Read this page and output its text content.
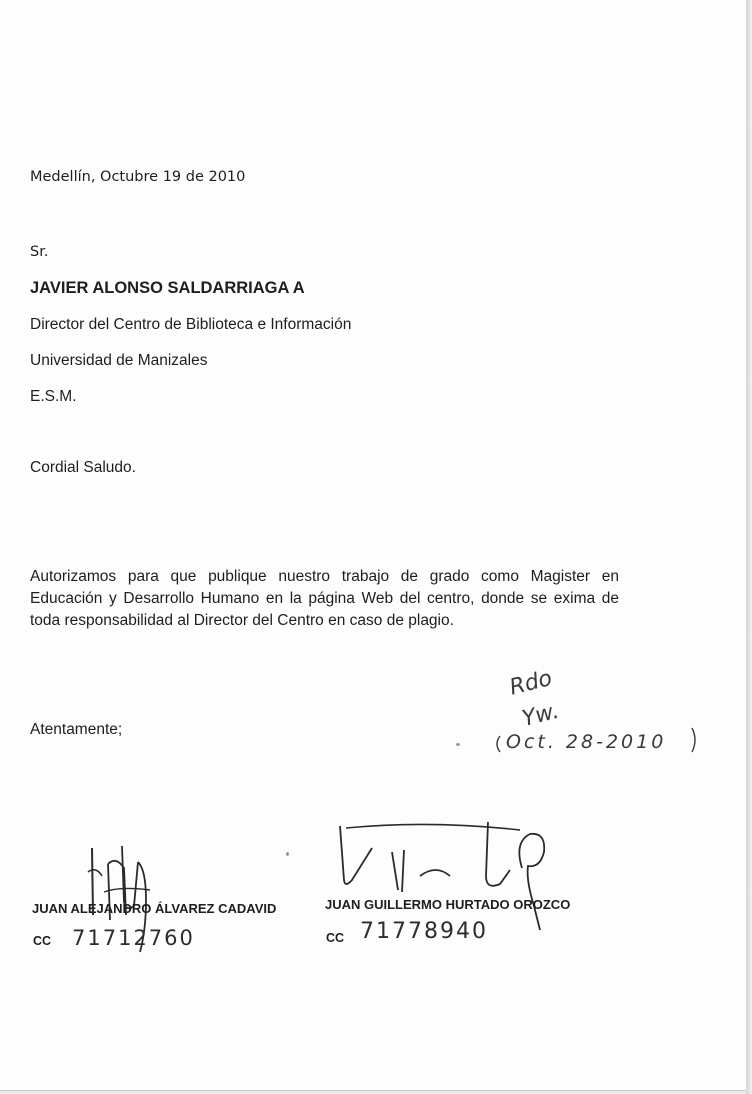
Medellín, Octubre 19 de 2010
Sr.
JAVIER ALONSO SALDARRIAGA A
Director del Centro de Biblioteca e Información
Universidad de Manizales
E.S.M.
Cordial Saludo.
Autorizamos para que publique nuestro trabajo de grado como Magister en Educación y Desarrollo Humano en la página Web del centro, donde se exima de toda responsabilidad al Director del Centro en caso de plagio.
Atentamente;
Rdo
Yw.
Oct. 28-2010
JUAN ALEJANDRO ÁLVAREZ CADAVID	JUAN GUILLERMO HURTADO OROZCO
CC 71712760	CC 71778940
